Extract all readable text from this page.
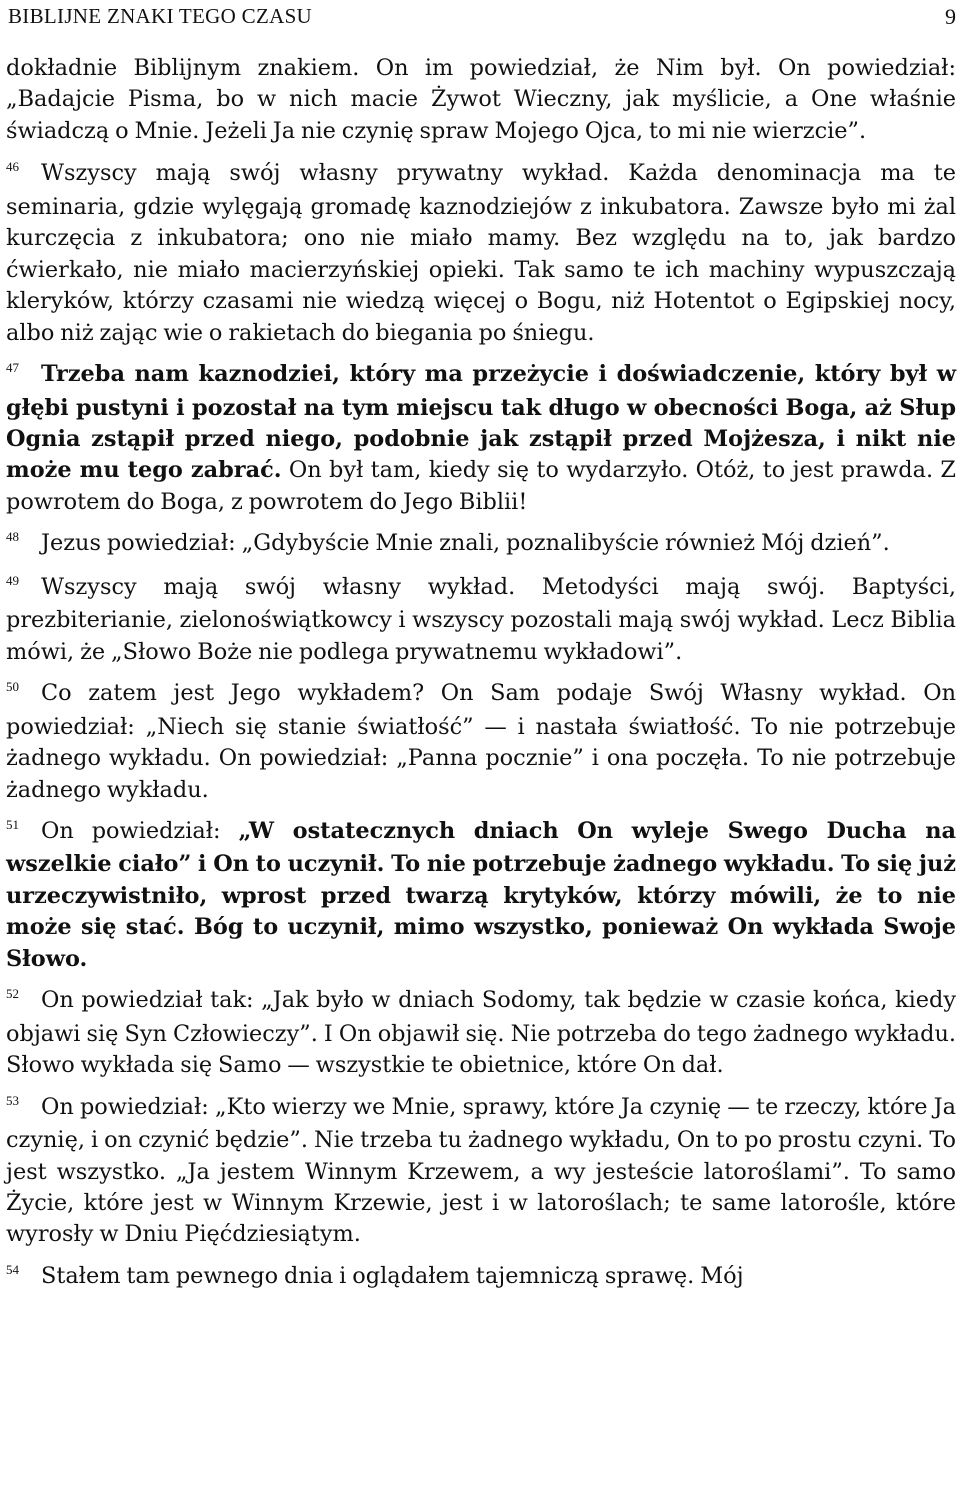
BIBLIJNE ZNAKI TEGO CZASU	9

dokładnie Biblijnym znakiem. On im powiedział, że Nim był. On powiedział: „Badajcie Pisma, bo w nich macie Żywot Wieczny, jak myślicie, a One właśnie świadczą o Mnie. Jeżeli Ja nie czynię spraw Mojego Ojca, to mi nie wierzcie”.

$^{46}$ Wszyscy mają swój własny prywatny wykład. Każda denominacja ma te seminaria, gdzie wylęgają gromadę kaznodziejów z inkubatora. Zawsze było mi żal kurczęcia z inkubatora; ono nie miało mamy. Bez względu na to, jak bardzo ćwierkało, nie miało macierzyńskiej opieki. Tak samo te ich machiny wypuszczają kleryków, którzy czasami nie wiedzą więcej o Bogu, niż Hotentot o Egipskiej nocy, albo niż zając wie o rakietach do biegania po śniegu.

$^{47}$ Trzeba nam kaznodziei, który ma przeżycie i doświadczenie, który był w głębi pustyni i pozostał na tym miejscu tak długo w obecności Boga, aż Słup Ognia zstąpił przed niego, podobnie jak zstąpił przed Mojżesza, i nikt nie może mu tego zabrać. On był tam, kiedy się to wydarzyło. Otóż, to jest prawda. Z powrotem do Boga, z powrotem do Jego Biblii!

$^{48}$ Jezus powiedział: „Gdybyście Mnie znali, poznalibyście również Mój dzień”.

$^{49}$ Wszyscy mają swój własny wykład. Metodyści mają swój. Baptyści, prezbiterianie, zielonoświątkowcy i wszyscy pozostali mają swój wykład. Lecz Biblia mówi, że „Słowo Boże nie podlega prywatnemu wykładowi”.

$^{50}$ Co zatem jest Jego wykładem? On Sam podaje Swój Własny wykład. On powiedział: „Niech się stanie światłość” — i nastała światłość. To nie potrzebuje żadnego wykładu. On powiedział: „Panna pocznie” i ona poczęła. To nie potrzebuje żadnego wykładu.

$^{51}$ On powiedział: „W ostatecznych dniach On wyleje Swego Ducha na wszelkie ciało” i On to uczynił. To nie potrzebuje żadnego wykładu. To się już urzeczywistniło, wprost przed twarzą krytyków, którzy mówili, że to nie może się stać. Bóg to uczynił, mimo wszystko, ponieważ On wykłada Swoje Słowo.

$^{52}$ On powiedział tak: „Jak było w dniach Sodomy, tak będzie w czasie końca, kiedy objawi się Syn Człowieczy”. I On objawił się. Nie potrzeba do tego żadnego wykładu. Słowo wykłada się Samo — wszystkie te obietnice, które On dał.

$^{53}$ On powiedział: „Kto wierzy we Mnie, sprawy, które Ja czynię — te rzeczy, które Ja czynię, i on czynić będzie”. Nie trzeba tu żadnego wykładu, On to po prostu czyni. To jest wszystko. „Ja jestem Winnym Krzewem, a wy jesteście latoroślami”. To samo Życie, które jest w Winnym Krzewie, jest i w latoroślach; te same latorośle, które wyrosły w Dniu Pięćdziesiątym.

$^{54}$ Stałem tam pewnego dnia i oglądałem tajemniczą sprawę. Mój
